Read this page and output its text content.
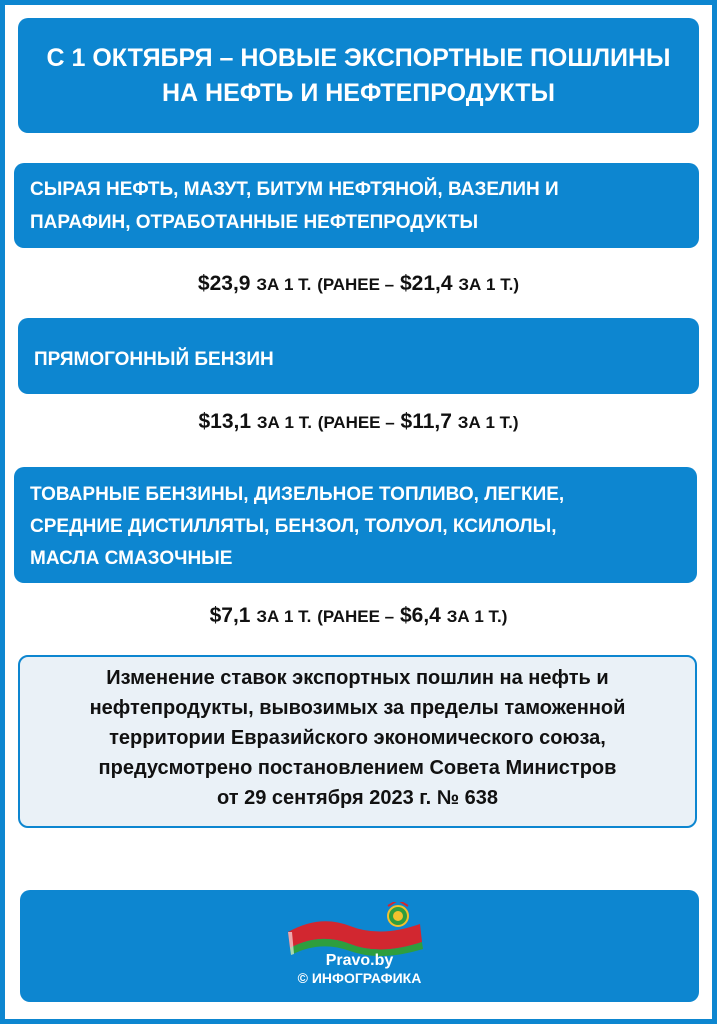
С 1 ОКТЯБРЯ – НОВЫЕ ЭКСПОРТНЫЕ ПОШЛИНЫ
НА НЕФТЬ И НЕФТЕПРОДУКТЫ
СЫРАЯ НЕФТЬ, МАЗУТ, БИТУМ НЕФТЯНОЙ, ВАЗЕЛИН И
ПАРАФИН, ОТРАБОТАННЫЕ НЕФТЕПРОДУКТЫ
$23,9 ЗА 1 Т. (РАНЕЕ – $21,4 ЗА 1 Т.)
ПРЯМОГОННЫЙ БЕНЗИН
$13,1 ЗА 1 Т. (РАНЕЕ – $11,7 ЗА 1 Т.)
ТОВАРНЫЕ БЕНЗИНЫ, ДИЗЕЛЬНОЕ ТОПЛИВО, ЛЕГКИЕ,
СРЕДНИЕ ДИСТИЛЛЯТЫ, БЕНЗОЛ, ТОЛУОЛ, КСИЛОЛЫ,
МАСЛА СМАЗОЧНЫЕ
$7,1 ЗА 1 Т. (РАНЕЕ – $6,4 ЗА 1 Т.)
Изменение ставок экспортных пошлин на нефть и
нефтепродукты, вывозимых за пределы таможенной
территории Евразийского экономического союза,
предусмотрено постановлением Совета Министров
от 29 сентября 2023 г. № 638
Pravo.by
© ИНФОГРАФИКА
